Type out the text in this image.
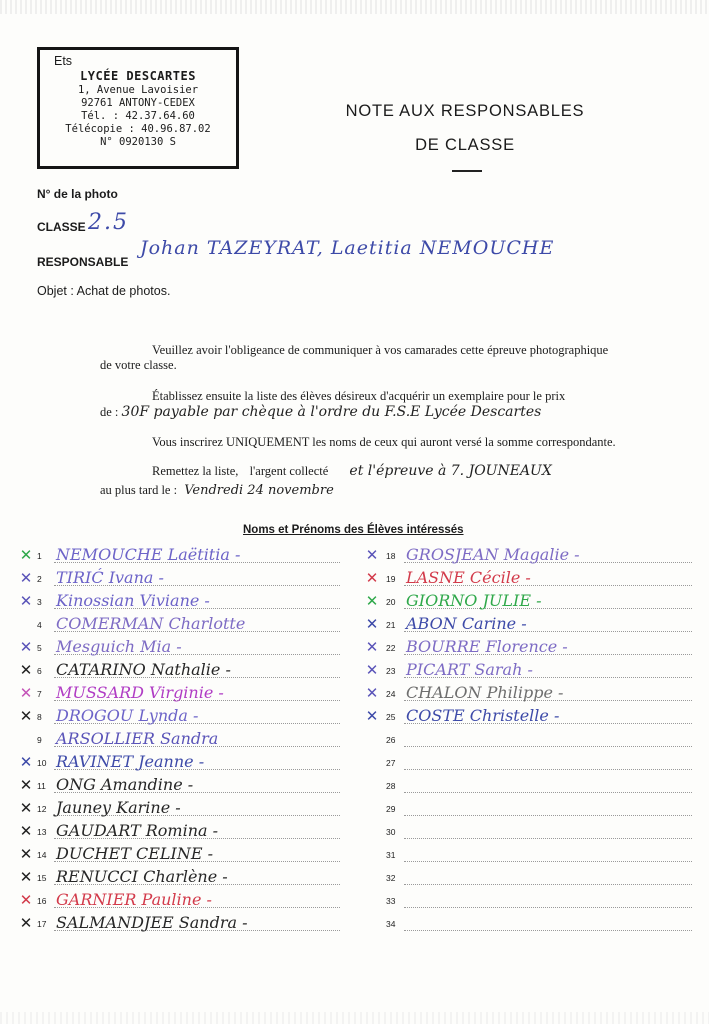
Ets
LYCÉE DESCARTES
1, Avenue Lavoisier
92761 ANTONY-CEDEX
Tél. : 42.37.64.60
Télécopie : 40.96.87.02
N° 0920130 S
NOTE AUX RESPONSABLES
DE CLASSE
N° de la photo
CLASSE 2.5
RESPONSABLE
Johan TAZEYRAT, Laetitia NEMOUCHE
Objet : Achat de photos.
Veuillez avoir l'obligeance de communiquer à vos camarades cette épreuve photographique
de votre classe.
Établissez ensuite la liste des élèves désireux d'acquérir un exemplaire pour le prix
de : 30F payable par chèque à l'ordre du F.S.E Lycée Descartes
Vous inscrirez UNIQUEMENT les noms de ceux qui auront versé la somme correspondante.
Remettez la liste, l'argent collecté et l'épreuve à 7. JOUNEAUX
au plus tard le : Vendredi 24 novembre
Noms et Prénoms des Élèves intéressés
✕ 1 NEMOUCHE Laëtitia -
✕ 2 TIRIĆ Ivana -
✕ 3 Kinossian Viviane -
4 COMERMAN Charlotte
✕ 5 Mesguich Mia -
✕ 6 CATARINO Nathalie -
✕ 7 MUSSARD Virginie -
✕ 8 DROGOU Lynda -
9 ARSOLLIER Sandra
✕ 10 RAVINET Jeanne -
✕ 11 ONG Amandine -
✕ 12 Jauney Karine -
✕ 13 GAUDART Romina -
✕ 14 DUCHET CELINE -
✕ 15 RENUCCI Charlène -
✕ 16 GARNIER Pauline -
✕ 17 SALMANDJEE Sandra -
✕ 18 GROSJEAN Magalie -
✕ 19 LASNE Cécile -
✕ 20 GIORNO JULIE -
✕ 21 ABON Carine -
✕ 22 BOURRE Florence -
✕ 23 PICART Sarah -
✕ 24 CHALON Philippe -
✕ 25 COSTE Christelle -
26
27
28
29
30
31
32
33
34
